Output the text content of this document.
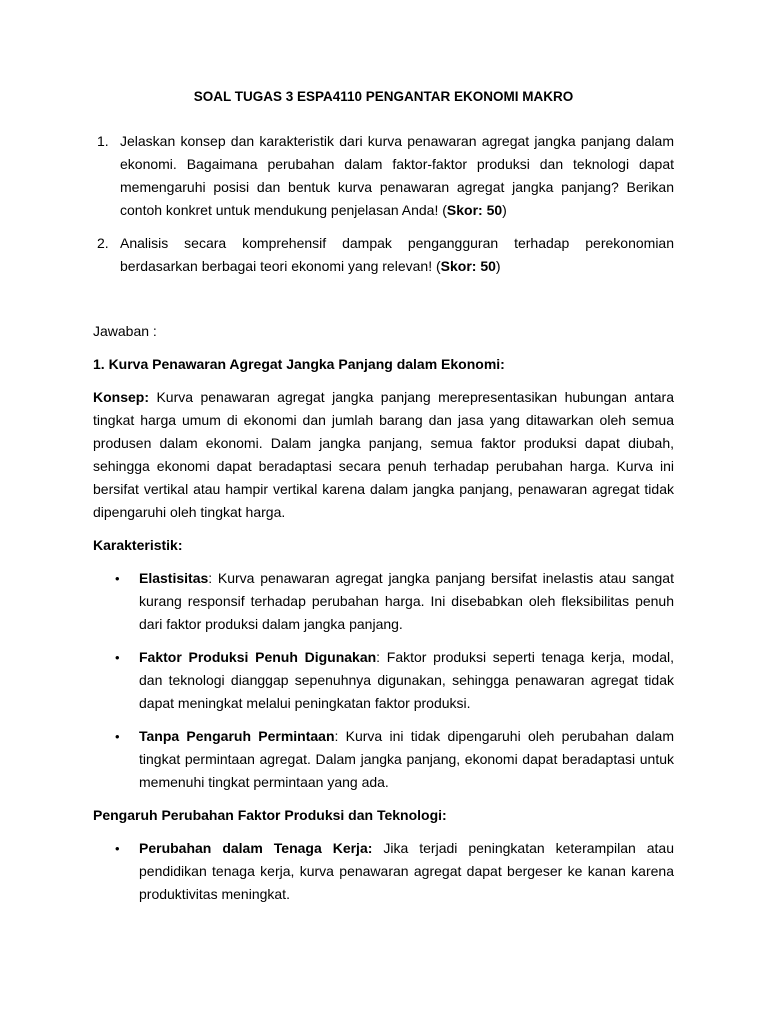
SOAL TUGAS 3 ESPA4110 PENGANTAR EKONOMI MAKRO
1. Jelaskan konsep dan karakteristik dari kurva penawaran agregat jangka panjang dalam ekonomi. Bagaimana perubahan dalam faktor-faktor produksi dan teknologi dapat memengaruhi posisi dan bentuk kurva penawaran agregat jangka panjang? Berikan contoh konkret untuk mendukung penjelasan Anda! (Skor: 50)
2. Analisis secara komprehensif dampak pengangguran terhadap perekonomian berdasarkan berbagai teori ekonomi yang relevan! (Skor: 50)

Jawaban :

1. Kurva Penawaran Agregat Jangka Panjang dalam Ekonomi:

Konsep: Kurva penawaran agregat jangka panjang merepresentasikan hubungan antara tingkat harga umum di ekonomi dan jumlah barang dan jasa yang ditawarkan oleh semua produsen dalam ekonomi. Dalam jangka panjang, semua faktor produksi dapat diubah, sehingga ekonomi dapat beradaptasi secara penuh terhadap perubahan harga. Kurva ini bersifat vertikal atau hampir vertikal karena dalam jangka panjang, penawaran agregat tidak dipengaruhi oleh tingkat harga.

Karakteristik:

• Elastisitas: Kurva penawaran agregat jangka panjang bersifat inelastis atau sangat kurang responsif terhadap perubahan harga. Ini disebabkan oleh fleksibilitas penuh dari faktor produksi dalam jangka panjang.
• Faktor Produksi Penuh Digunakan: Faktor produksi seperti tenaga kerja, modal, dan teknologi dianggap sepenuhnya digunakan, sehingga penawaran agregat tidak dapat meningkat melalui peningkatan faktor produksi.
• Tanpa Pengaruh Permintaan: Kurva ini tidak dipengaruhi oleh perubahan dalam tingkat permintaan agregat. Dalam jangka panjang, ekonomi dapat beradaptasi untuk memenuhi tingkat permintaan yang ada.

Pengaruh Perubahan Faktor Produksi dan Teknologi:

• Perubahan dalam Tenaga Kerja: Jika terjadi peningkatan keterampilan atau pendidikan tenaga kerja, kurva penawaran agregat dapat bergeser ke kanan karena produktivitas meningkat.
